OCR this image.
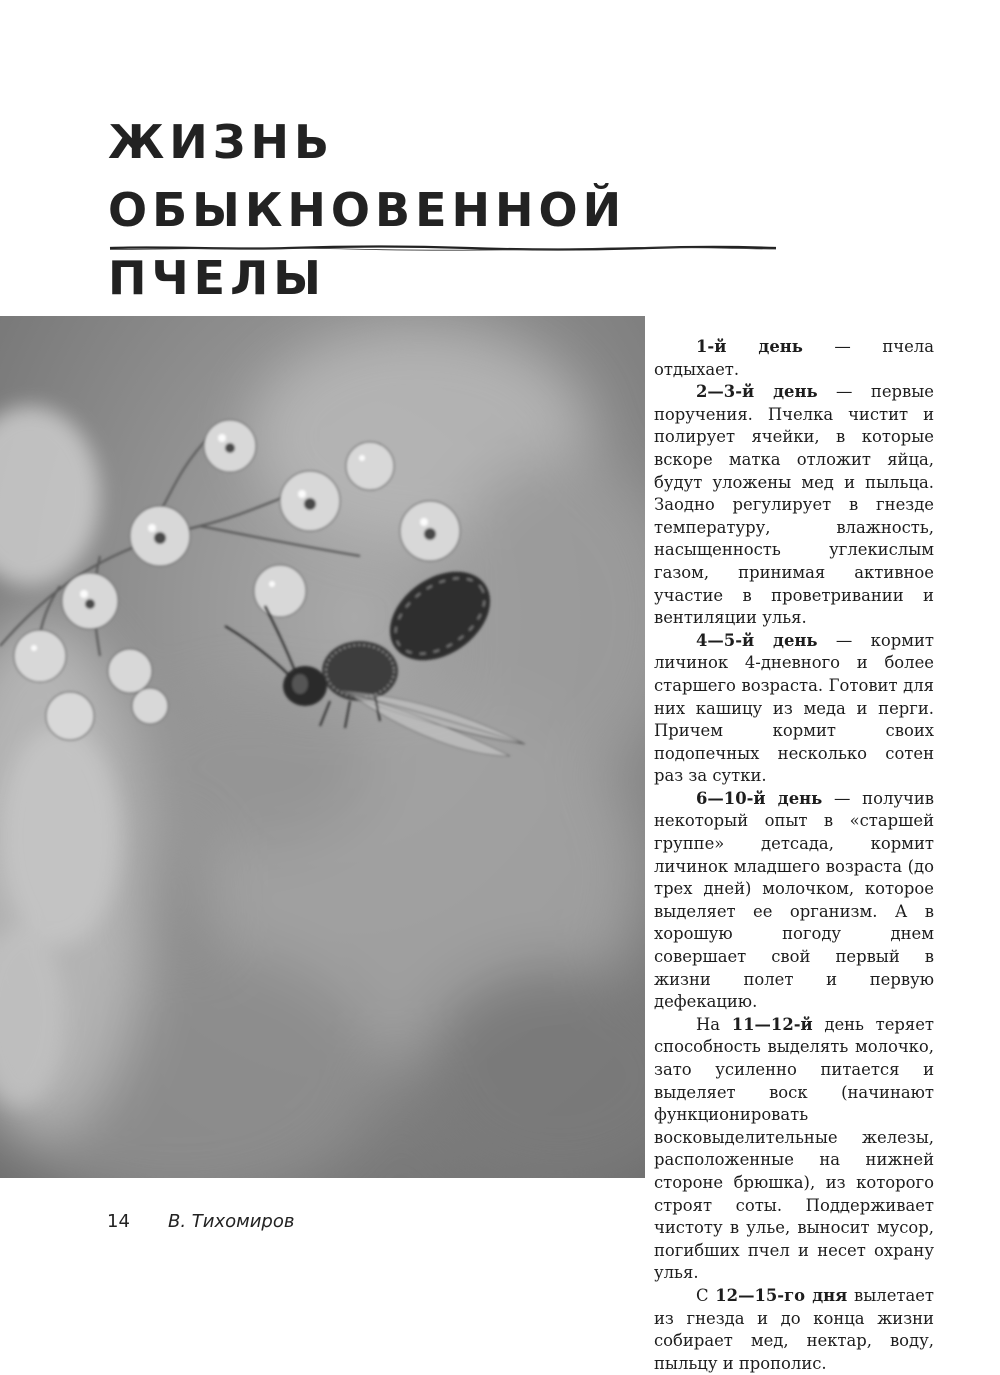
ЖИЗНЬ
ОБЫКНОВЕННОЙ ПЧЕЛЫ

1-й день — пчела отдыхает.

2—3-й день — первые поручения. Пчелка чистит и полирует ячейки, в которые вскоре матка отложит яйца, будут уложены мед и пыльца. Заодно регулирует в гнезде температуру, влажность, насыщенность углекислым газом, принимая активное участие в проветривании и вентиляции улья.

4—5-й день — кормит личинок 4-дневного и более старшего возраста. Готовит для них кашицу из меда и перги. Причем кормит своих подопечных несколько сотен раз за сутки.

6—10-й день — получив некоторый опыт в «старшей группе» детсада, кормит личинок младшего возраста (до трех дней) молочком, которое выделяет ее организм. А в хорошую погоду днем совершает свой первый в жизни полет и первую дефекацию.

На 11—12-й день теряет способность выделять молочко, зато усиленно питается и выделяет воск (начинают функционировать восковыделительные железы, расположенные на нижней стороне брюшка), из которого строят соты. Поддерживает чистоту в улье, выносит мусор, погибших пчел и несет охрану улья.

С 12—15-го дня вылетает из гнезда и до конца жизни собирает мед, нектар, воду, пыльцу и прополис.

14 В. Тихомиров
